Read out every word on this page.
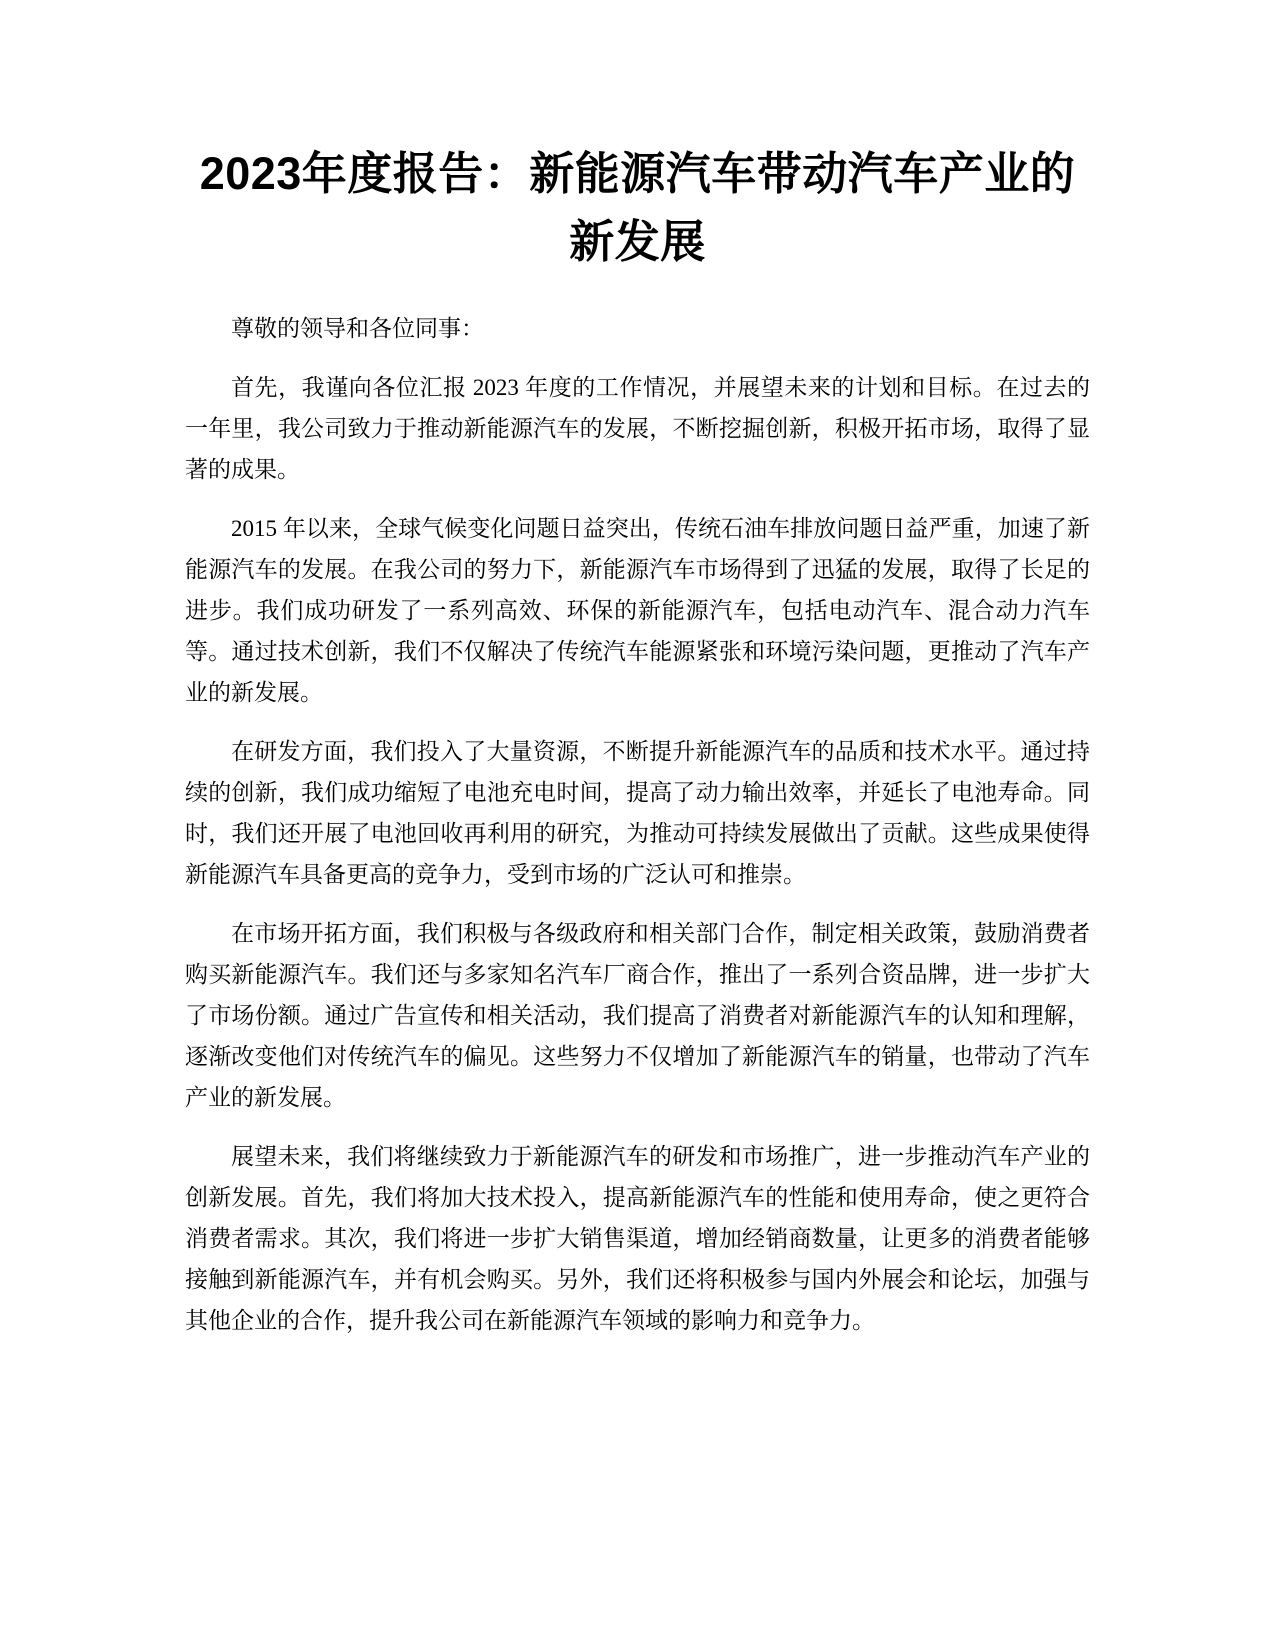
2023年度报告：新能源汽车带动汽车产业的
新发展

尊敬的领导和各位同事：

首先，我谨向各位汇报 2023 年度的工作情况，并展望未来的计划和目标。在过去的一年里，我公司致力于推动新能源汽车的发展，不断挖掘创新，积极开拓市场，取得了显著的成果。

2015 年以来，全球气候变化问题日益突出，传统石油车排放问题日益严重，加速了新能源汽车的发展。在我公司的努力下，新能源汽车市场得到了迅猛的发展，取得了长足的进步。我们成功研发了一系列高效、环保的新能源汽车，包括电动汽车、混合动力汽车等。通过技术创新，我们不仅解决了传统汽车能源紧张和环境污染问题，更推动了汽车产业的新发展。

在研发方面，我们投入了大量资源，不断提升新能源汽车的品质和技术水平。通过持续的创新，我们成功缩短了电池充电时间，提高了动力输出效率，并延长了电池寿命。同时，我们还开展了电池回收再利用的研究，为推动可持续发展做出了贡献。这些成果使得新能源汽车具备更高的竞争力，受到市场的广泛认可和推崇。

在市场开拓方面，我们积极与各级政府和相关部门合作，制定相关政策，鼓励消费者购买新能源汽车。我们还与多家知名汽车厂商合作，推出了一系列合资品牌，进一步扩大了市场份额。通过广告宣传和相关活动，我们提高了消费者对新能源汽车的认知和理解，逐渐改变他们对传统汽车的偏见。这些努力不仅增加了新能源汽车的销量，也带动了汽车产业的新发展。

展望未来，我们将继续致力于新能源汽车的研发和市场推广，进一步推动汽车产业的创新发展。首先，我们将加大技术投入，提高新能源汽车的性能和使用寿命，使之更符合消费者需求。其次，我们将进一步扩大销售渠道，增加经销商数量，让更多的消费者能够接触到新能源汽车，并有机会购买。另外，我们还将积极参与国内外展会和论坛，加强与其他企业的合作，提升我公司在新能源汽车领域的影响力和竞争力。
